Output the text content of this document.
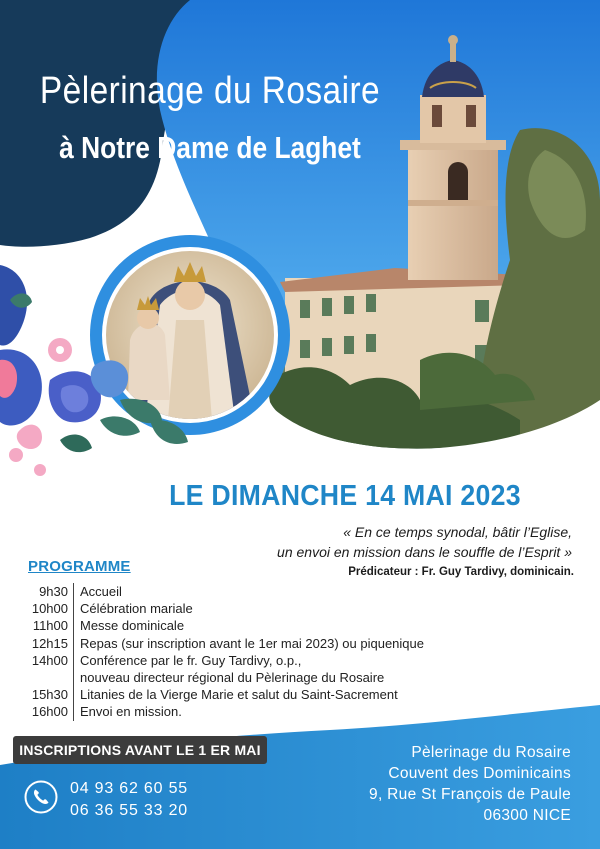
Pèlerinage du Rosaire
à Notre Dame de Laghet
LE DIMANCHE 14 MAI 2023
« En ce temps synodal, bâtir l’Eglise,
un envoi en mission dans le souffle de l’Esprit »
Prédicateur : Fr. Guy Tardivy, dominicain.
PROGRAMME
9h30 Accueil
10h00 Célébration mariale
11h00 Messe dominicale
12h15 Repas (sur inscription avant le 1er mai 2023) ou piquenique
14h00 Conférence par le fr. Guy Tardivy, o.p.,
nouveau directeur régional du Pèlerinage du Rosaire
15h30 Litanies de la Vierge Marie et salut du Saint-Sacrement
16h00 Envoi en mission.
INSCRIPTIONS AVANT LE 1 ER MAI
04 93 62 60 55
06 36 55 33 20
Pèlerinage du Rosaire
Couvent des Dominicains
9, Rue St François de Paule
06300 NICE
